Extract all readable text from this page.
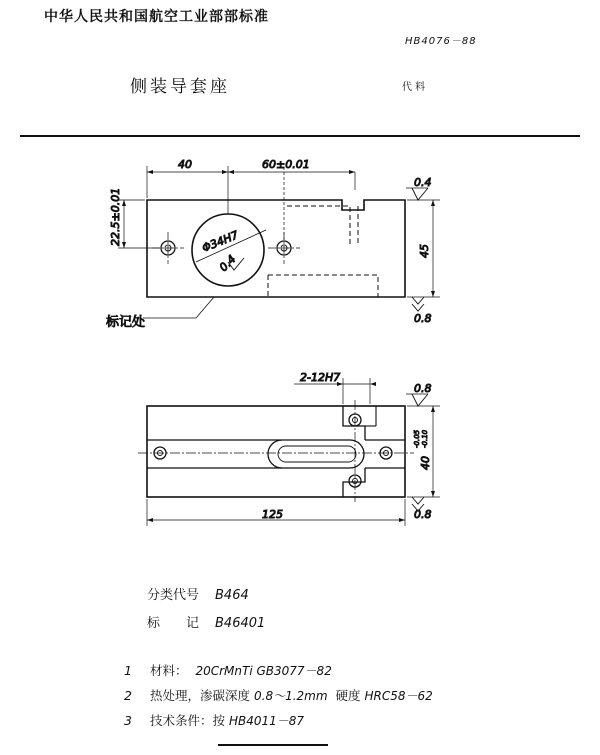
中华人民共和国航空工业部部标准
HB4076－88
侧装导套座	代 料
40	60±0.01
22.5±0.01	Φ34H7	45
0.4
0.4
0.8
标记处
2-12H7
125
40
-0.05 -0.10
0.8
0.8
分类代号 B464
标　　记 B46401
1 材料： 20CrMnTi GB3077－82
2 热处理，渗碳深度 0.8～1.2mm 硬度 HRC58－62
3 技术条件：按 HB4011－87
